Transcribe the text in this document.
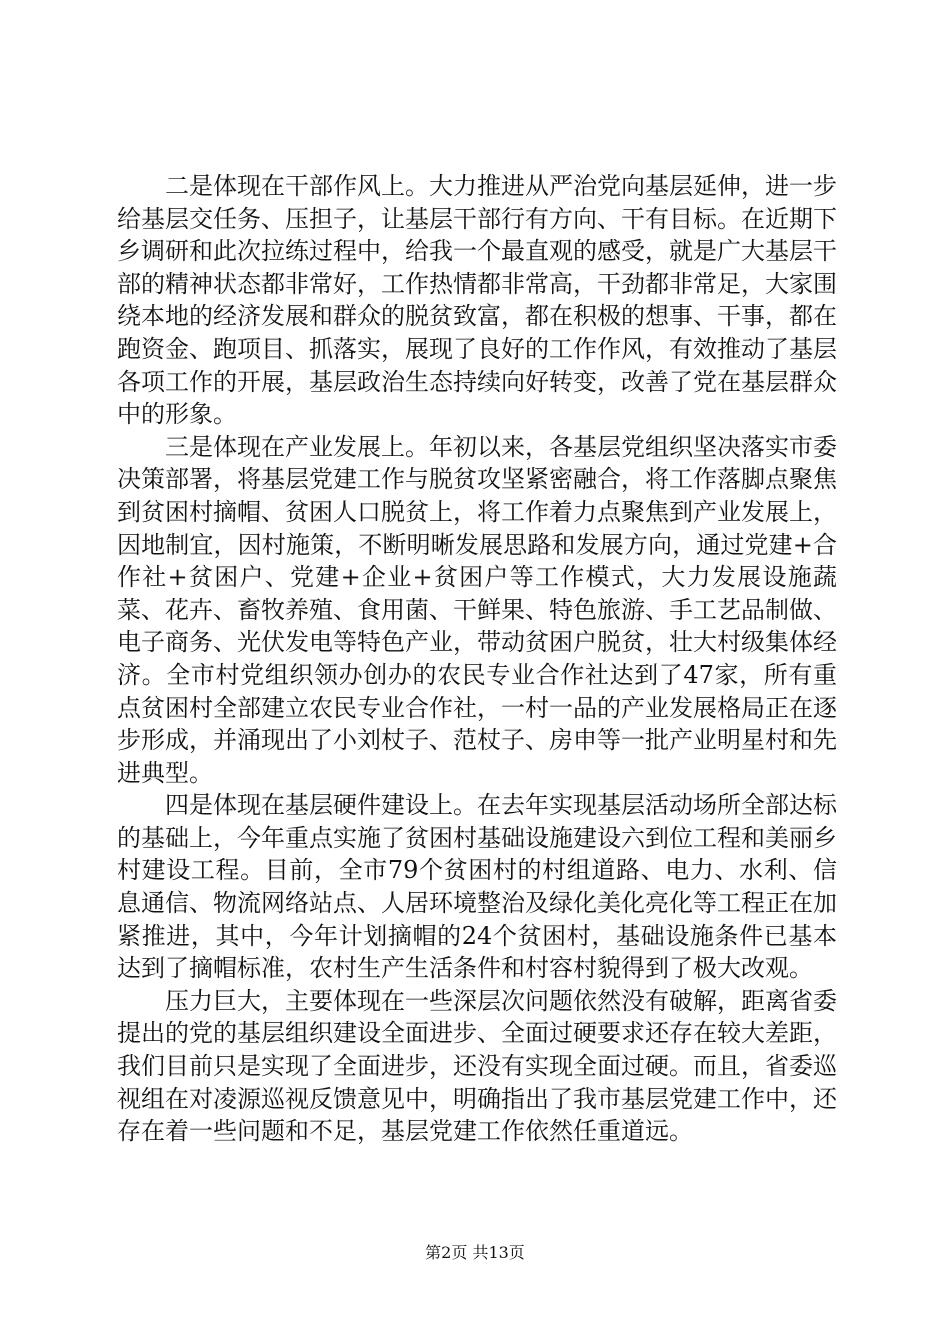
二是体现在干部作风上。大力推进从严治党向基层延伸，进一步给基层交任务、压担子，让基层干部行有方向、干有目标。在近期下乡调研和此次拉练过程中，给我一个最直观的感受，就是广大基层干部的精神状态都非常好，工作热情都非常高，干劲都非常足，大家围绕本地的经济发展和群众的脱贫致富，都在积极的想事、干事，都在跑资金、跑项目、抓落实，展现了良好的工作作风，有效推动了基层各项工作的开展，基层政治生态持续向好转变，改善了党在基层群众中的形象。

三是体现在产业发展上。年初以来，各基层党组织坚决落实市委决策部署，将基层党建工作与脱贫攻坚紧密融合，将工作落脚点聚焦到贫困村摘帽、贫困人口脱贫上，将工作着力点聚焦到产业发展上，因地制宜，因村施策，不断明晰发展思路和发展方向，通过党建+合作社+贫困户、党建+企业+贫困户等工作模式，大力发展设施蔬菜、花卉、畜牧养殖、食用菌、干鲜果、特色旅游、手工艺品制做、电子商务、光伏发电等特色产业，带动贫困户脱贫，壮大村级集体经济。全市村党组织领办创办的农民专业合作社达到了47家，所有重点贫困村全部建立农民专业合作社，一村一品的产业发展格局正在逐步形成，并涌现出了小刘杖子、范杖子、房申等一批产业明星村和先进典型。

四是体现在基层硬件建设上。在去年实现基层活动场所全部达标的基础上，今年重点实施了贫困村基础设施建设六到位工程和美丽乡村建设工程。目前，全市79个贫困村的村组道路、电力、水利、信息通信、物流网络站点、人居环境整治及绿化美化亮化等工程正在加紧推进，其中，今年计划摘帽的24个贫困村，基础设施条件已基本达到了摘帽标准，农村生产生活条件和村容村貌得到了极大改观。

压力巨大，主要体现在一些深层次问题依然没有破解，距离省委提出的党的基层组织建设全面进步、全面过硬要求还存在较大差距，我们目前只是实现了全面进步，还没有实现全面过硬。而且，省委巡视组在对凌源巡视反馈意见中，明确指出了我市基层党建工作中，还存在着一些问题和不足，基层党建工作依然任重道远。

第2页 共13页
